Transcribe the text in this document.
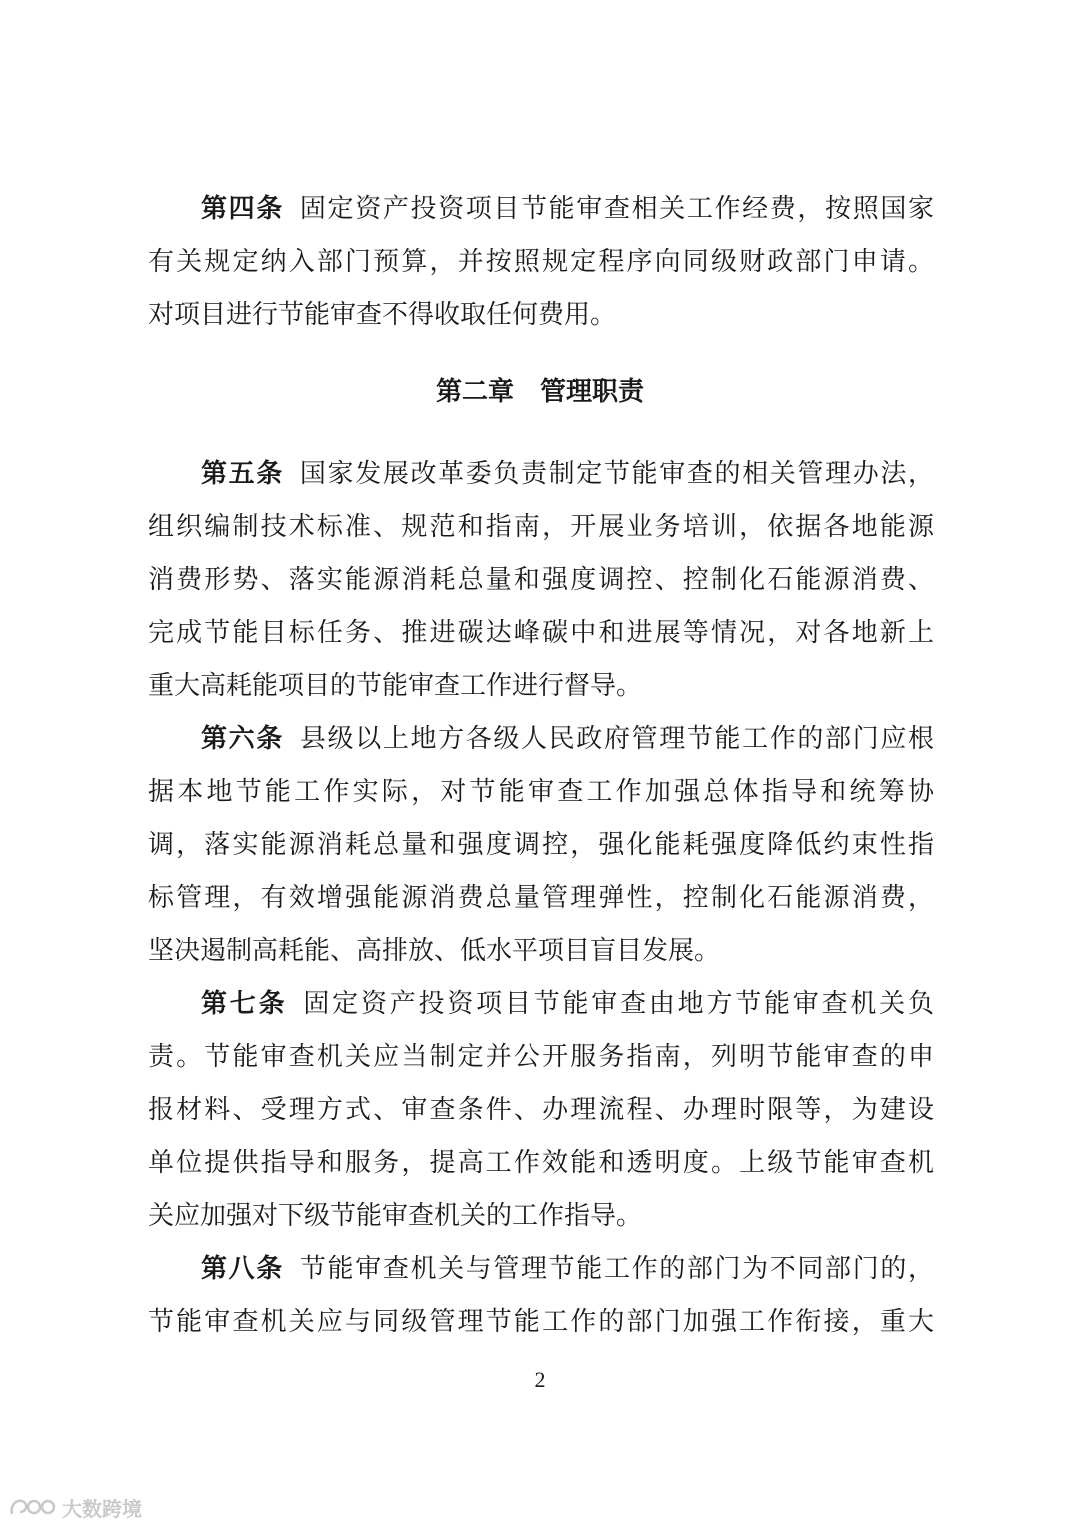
第四条 固定资产投资项目节能审查相关工作经费，按照国家
有关规定纳入部门预算，并按照规定程序向同级财政部门申请。
对项目进行节能审查不得收取任何费用。
第二章　管理职责
第五条 国家发展改革委负责制定节能审查的相关管理办法，
组织编制技术标准、规范和指南，开展业务培训，依据各地能源
消费形势、落实能源消耗总量和强度调控、控制化石能源消费、
完成节能目标任务、推进碳达峰碳中和进展等情况，对各地新上
重大高耗能项目的节能审查工作进行督导。
第六条 县级以上地方各级人民政府管理节能工作的部门应根
据本地节能工作实际，对节能审查工作加强总体指导和统筹协
调，落实能源消耗总量和强度调控，强化能耗强度降低约束性指
标管理，有效增强能源消费总量管理弹性，控制化石能源消费，
坚决遏制高耗能、高排放、低水平项目盲目发展。
第七条 固定资产投资项目节能审查由地方节能审查机关负
责。节能审查机关应当制定并公开服务指南，列明节能审查的申
报材料、受理方式、审查条件、办理流程、办理时限等，为建设
单位提供指导和服务，提高工作效能和透明度。上级节能审查机
关应加强对下级节能审查机关的工作指导。
第八条 节能审查机关与管理节能工作的部门为不同部门的，
节能审查机关应与同级管理节能工作的部门加强工作衔接，重大
2
大数跨境
